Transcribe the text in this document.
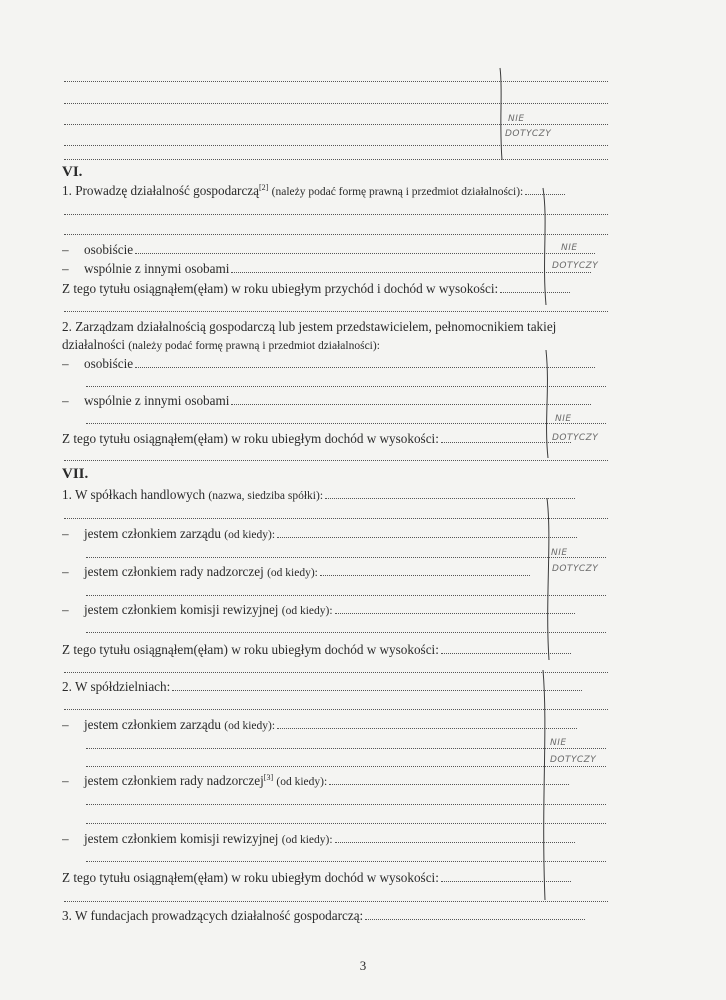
VI.
1. Prowadzę działalność gospodarczą[2] (należy podać formę prawną i przedmiot działalności):
– osobiście
– wspólnie z innymi osobami
Z tego tytułu osiągnąłem(ęłam) w roku ubiegłym przychód i dochód w wysokości:
2. Zarządzam działalnością gospodarczą lub jestem przedstawicielem, pełnomocnikiem takiej
działalności (należy podać formę prawną i przedmiot działalności):
– osobiście
– wspólnie z innymi osobami
Z tego tytułu osiągnąłem(ęłam) w roku ubiegłym dochód w wysokości:
VII.
1. W spółkach handlowych (nazwa, siedziba spółki):
– jestem członkiem zarządu (od kiedy):
– jestem członkiem rady nadzorczej (od kiedy):
– jestem członkiem komisji rewizyjnej (od kiedy):
Z tego tytułu osiągnąłem(ęłam) w roku ubiegłym dochód w wysokości:
2. W spółdzielniach:
– jestem członkiem zarządu (od kiedy):
– jestem członkiem rady nadzorczej[3] (od kiedy):
– jestem członkiem komisji rewizyjnej (od kiedy):
Z tego tytułu osiągnąłem(ęłam) w roku ubiegłym dochód w wysokości:
3. W fundacjach prowadzących działalność gospodarczą:
3
NIE
DOTYCZY
NIE
DOTYCZY
NIE
DOTYCZY
NIE
DOTYCZY
NIE
DOTYCZY
